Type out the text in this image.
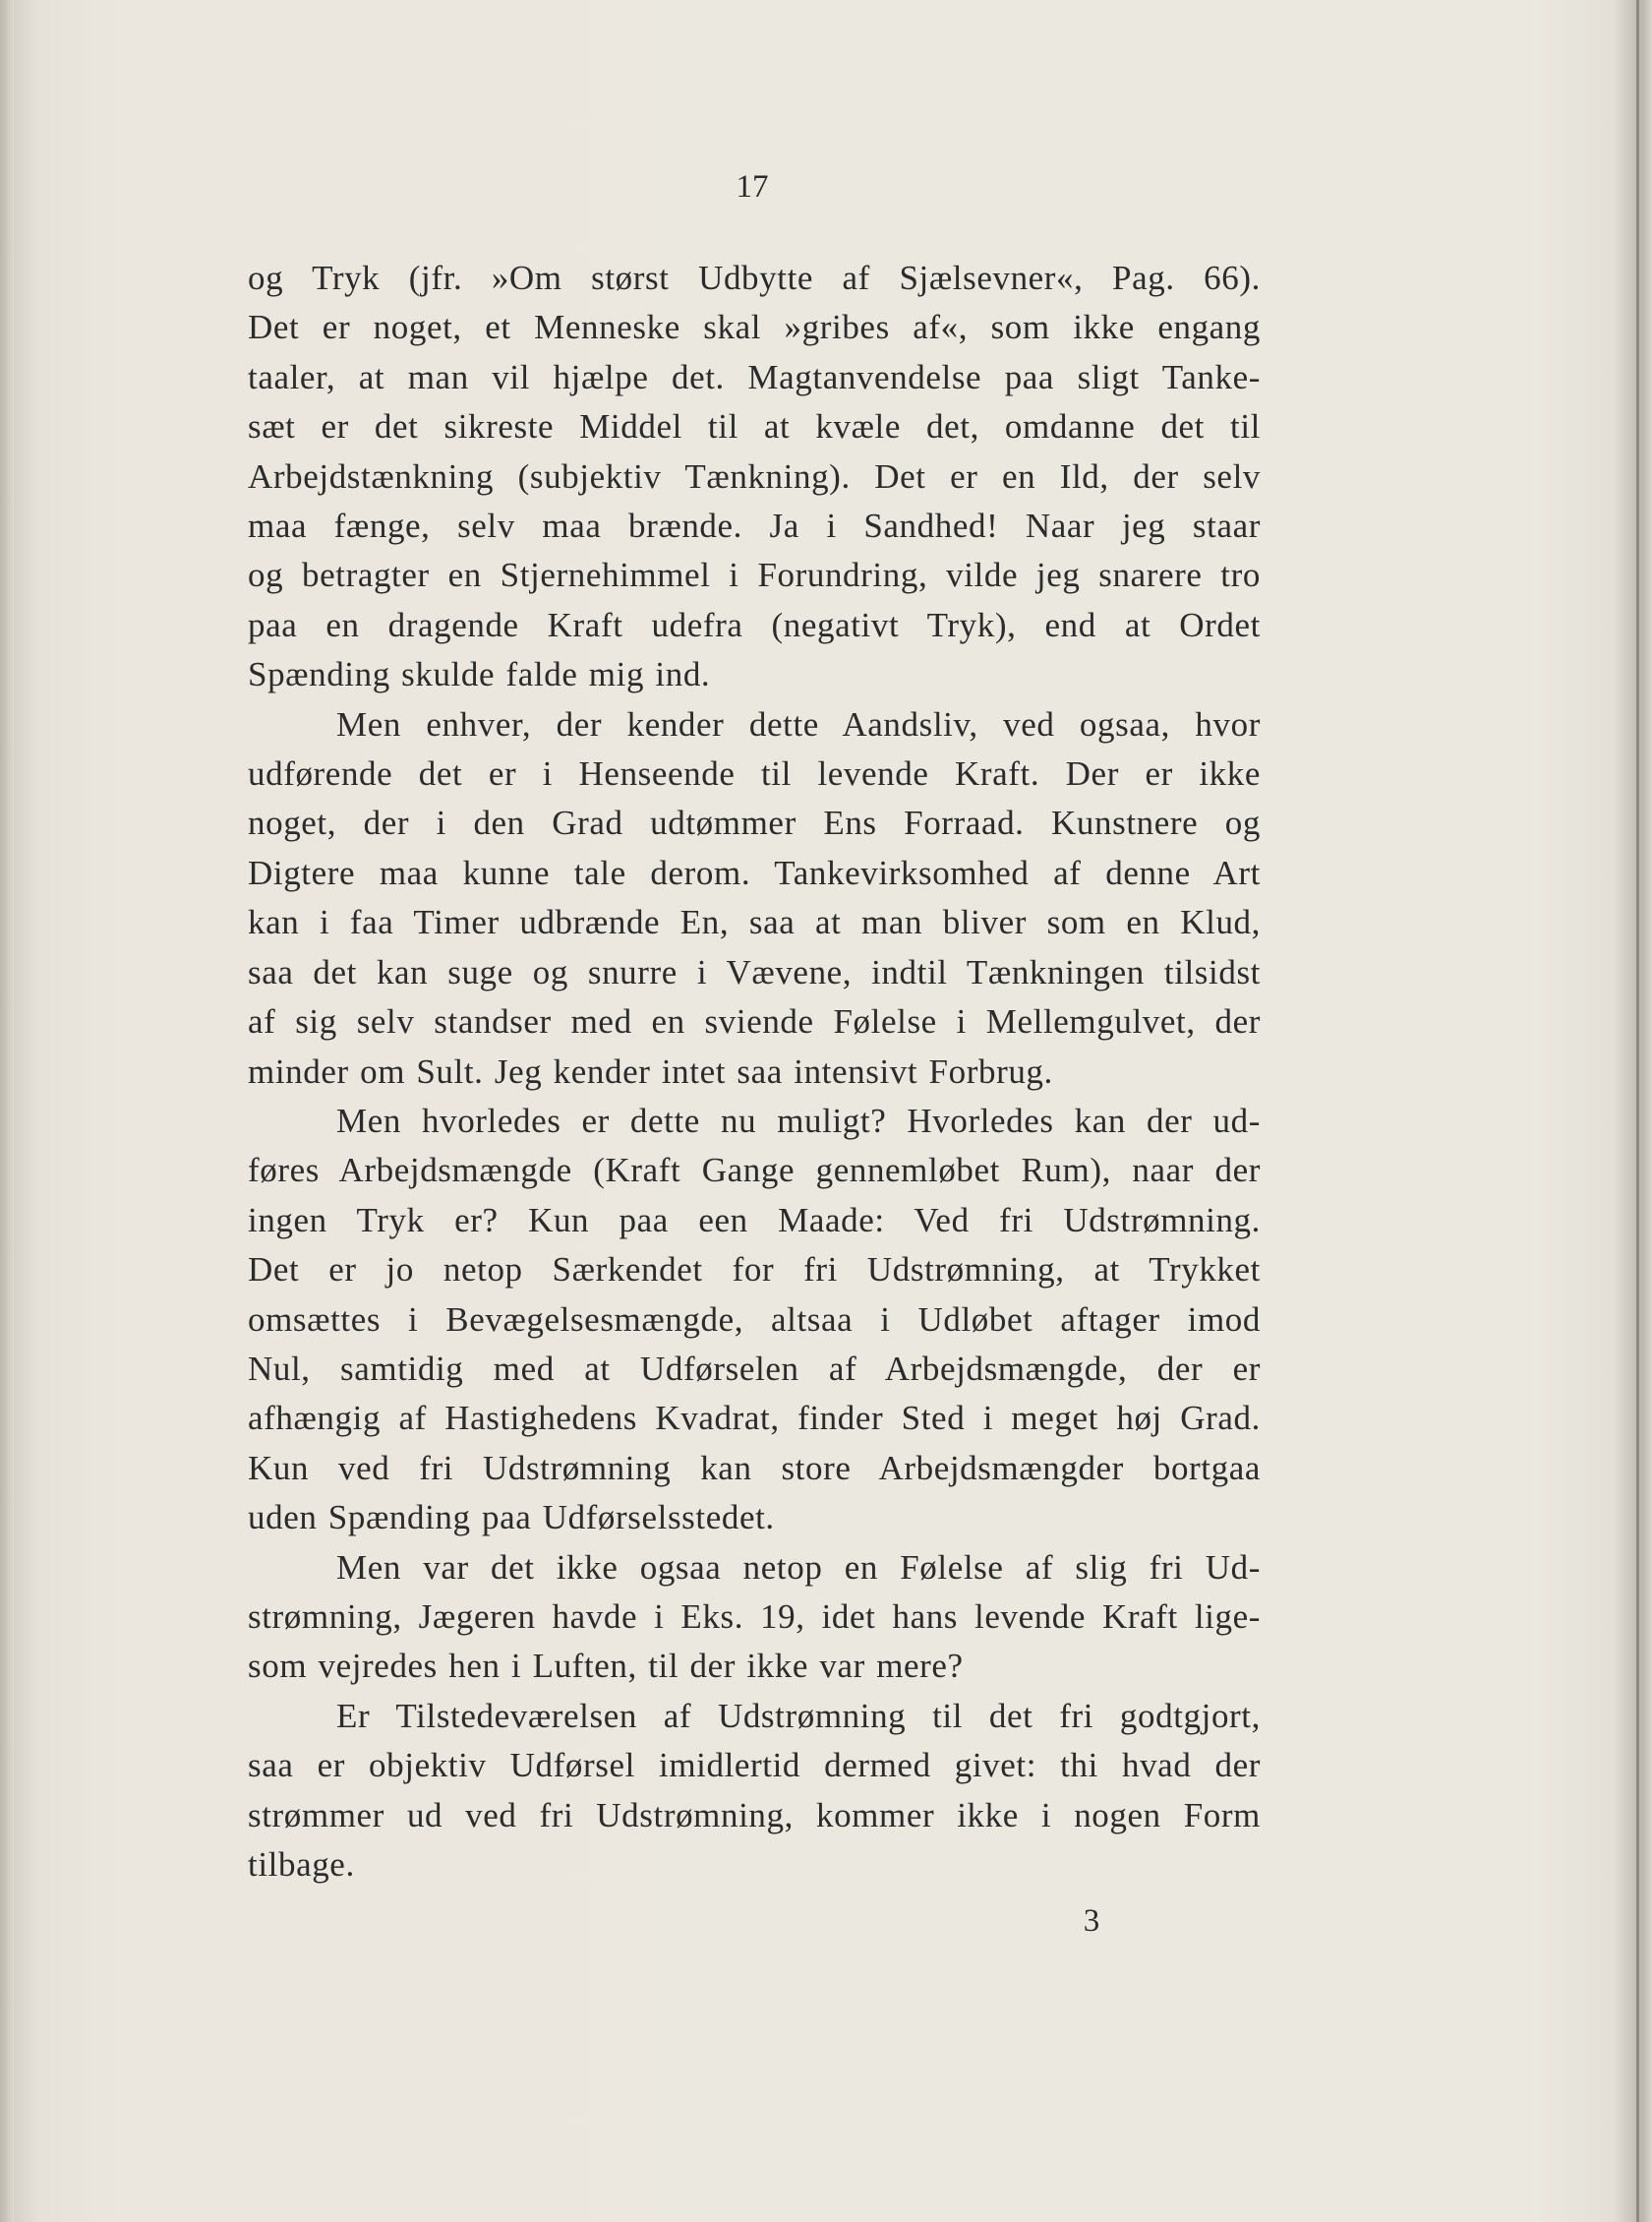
17
og Tryk (jfr. »Om størst Udbytte af Sjælsevner«, Pag. 66).
Det er noget, et Menneske skal »gribes af«, som ikke engang
taaler, at man vil hjælpe det. Magtanvendelse paa sligt Tanke-
sæt er det sikreste Middel til at kvæle det, omdanne det til
Arbejdstænkning (subjektiv Tænkning). Det er en Ild, der selv
maa fænge, selv maa brænde. Ja i Sandhed! Naar jeg staar
og betragter en Stjernehimmel i Forundring, vilde jeg snarere tro
paa en dragende Kraft udefra (negativt Tryk), end at Ordet
Spænding skulde falde mig ind.
Men enhver, der kender dette Aandsliv, ved ogsaa, hvor
udførende det er i Henseende til levende Kraft. Der er ikke
noget, der i den Grad udtømmer Ens Forraad. Kunstnere og
Digtere maa kunne tale derom. Tankevirksomhed af denne Art
kan i faa Timer udbrænde En, saa at man bliver som en Klud,
saa det kan suge og snurre i Vævene, indtil Tænkningen tilsidst
af sig selv standser med en sviende Følelse i Mellemgulvet, der
minder om Sult. Jeg kender intet saa intensivt Forbrug.
Men hvorledes er dette nu muligt? Hvorledes kan der ud-
føres Arbejdsmængde (Kraft Gange gennemløbet Rum), naar der
ingen Tryk er? Kun paa een Maade: Ved fri Udstrømning.
Det er jo netop Særkendet for fri Udstrømning, at Trykket
omsættes i Bevægelsesmængde, altsaa i Udløbet aftager imod
Nul, samtidig med at Udførselen af Arbejdsmængde, der er
afhængig af Hastighedens Kvadrat, finder Sted i meget høj Grad.
Kun ved fri Udstrømning kan store Arbejdsmængder bortgaa
uden Spænding paa Udførselsstedet.
Men var det ikke ogsaa netop en Følelse af slig fri Ud-
strømning, Jægeren havde i Eks. 19, idet hans levende Kraft lige-
som vejredes hen i Luften, til der ikke var mere?
Er Tilstedeværelsen af Udstrømning til det fri godtgjort,
saa er objektiv Udførsel imidlertid dermed givet: thi hvad der
strømmer ud ved fri Udstrømning, kommer ikke i nogen Form
tilbage.
3
